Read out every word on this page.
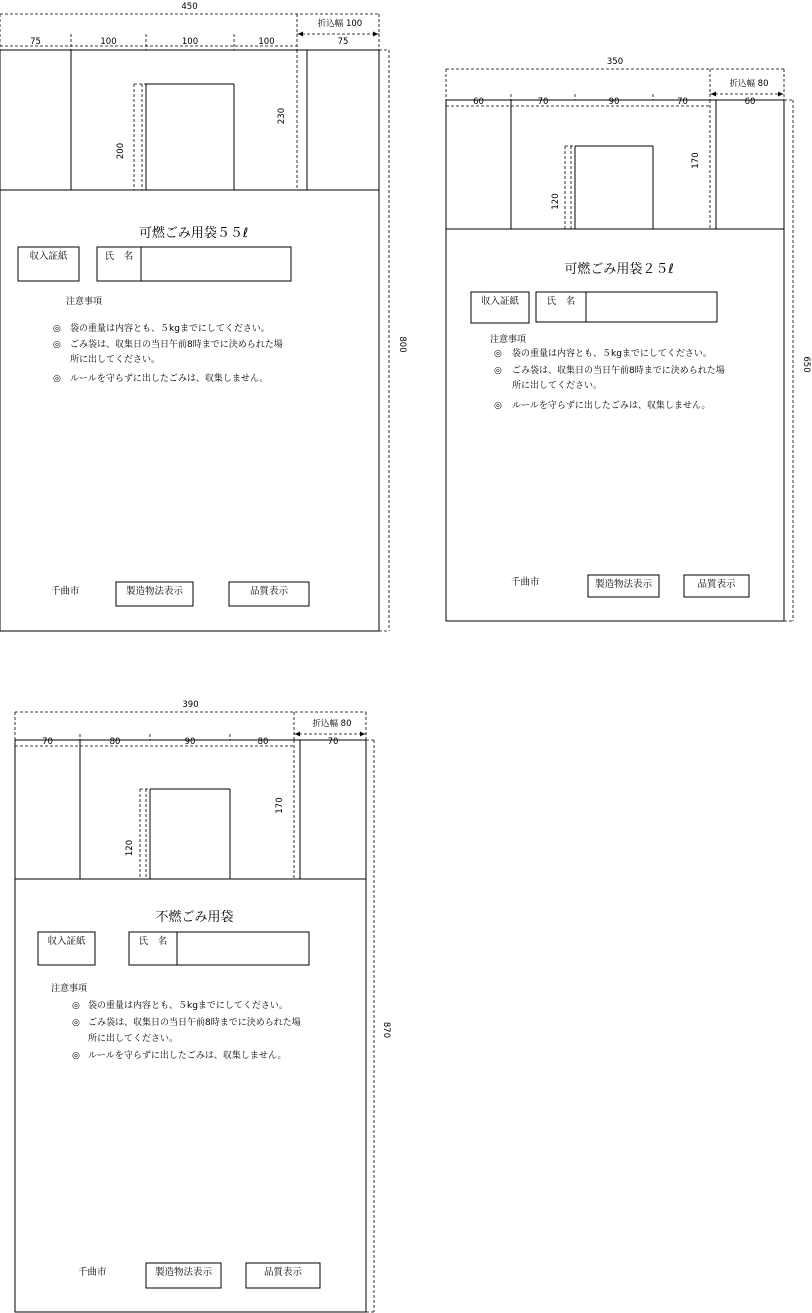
450
折込幅 100
75	100	100	100	75
200
230
800
可燃ごみ用袋５５ℓ
収入証紙	氏　名
注意事項
袋の重量は内容とも、５kgまでにしてください。
ごみ袋は、収集日の当日午前8時までに決められた場
所に出してください。
ルールを守らずに出したごみは、収集しません。
◎
◎
◎
千曲市	製造物法表示	品質表示
350
折込幅 80
60	70	90	70	60
120
170
650
可燃ごみ用袋２５ℓ
収入証紙	氏　名
注意事項
袋の重量は内容とも、５kgまでにしてください。
ごみ袋は、収集日の当日午前8時までに決められた場
所に出してください。
ルールを守らずに出したごみは、収集しません。
◎
◎
◎
千曲市	製造物法表示	品質表示
390
折込幅 80
70	80	90	80	70
120
170
870
不燃ごみ用袋
収入証紙	氏　名
注意事項
袋の重量は内容とも、５kgまでにしてください。
ごみ袋は、収集日の当日午前8時までに決められた場
所に出してください。
ルールを守らずに出したごみは、収集しません。
◎
◎
◎
千曲市	製造物法表示	品質表示
